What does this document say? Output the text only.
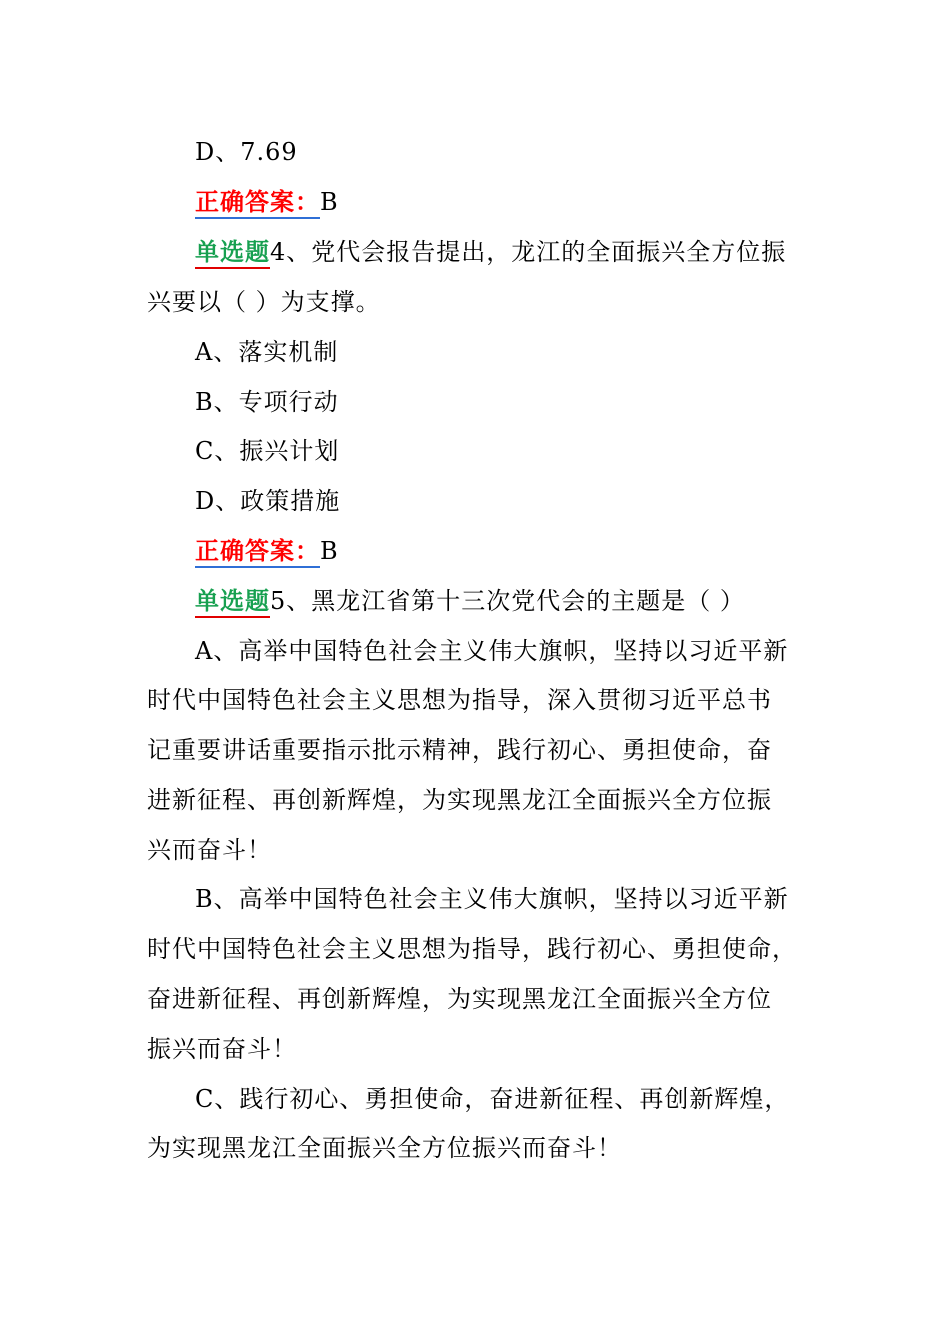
D、7.69
正确答案：B
单选题4、党代会报告提出，龙江的全面振兴全方位振
兴要以（ ）为支撑。
A、落实机制
B、专项行动
C、振兴计划
D、政策措施
正确答案：B
单选题5、黑龙江省第十三次党代会的主题是（ ）
A、高举中国特色社会主义伟大旗帜，坚持以习近平新
时代中国特色社会主义思想为指导，深入贯彻习近平总书
记重要讲话重要指示批示精神，践行初心、勇担使命，奋
进新征程、再创新辉煌，为实现黑龙江全面振兴全方位振
兴而奋斗！
B、高举中国特色社会主义伟大旗帜，坚持以习近平新
时代中国特色社会主义思想为指导，践行初心、勇担使命，
奋进新征程、再创新辉煌，为实现黑龙江全面振兴全方位
振兴而奋斗！
C、践行初心、勇担使命，奋进新征程、再创新辉煌，
为实现黑龙江全面振兴全方位振兴而奋斗！
